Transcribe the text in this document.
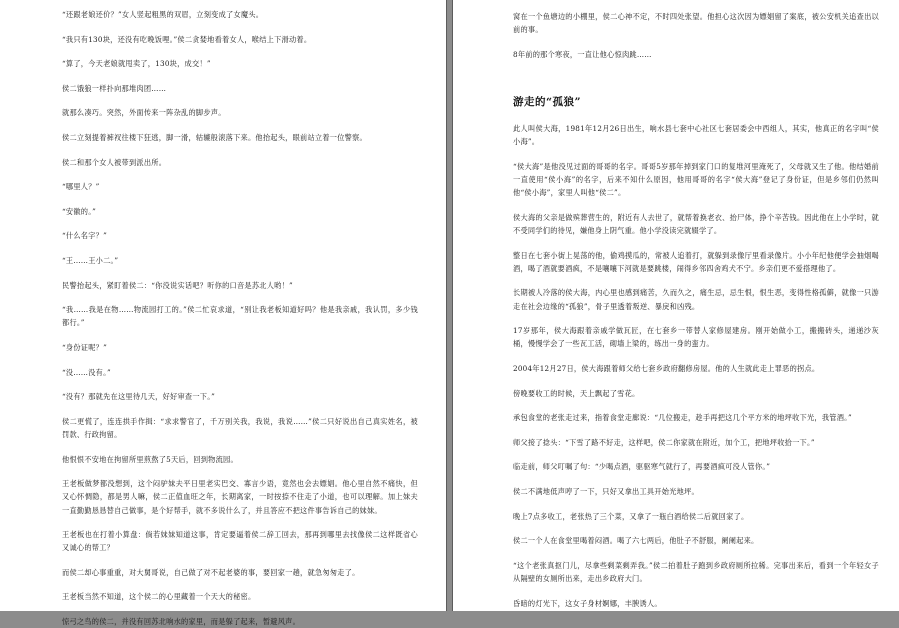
“还跟老娘还价？”女人竖起粗黑的双眉，立刻变成了女魔头。

“我只有130块，还没有吃晚饭哩。”侯二贪婪地看着女人，喉结上下滑动着。

“算了，今天老娘就甩卖了，130块，成交！”

侯二饿狼一样扑向那堆肉团……

就那么凑巧。突然，外面传来一阵杂乱的脚步声。

侯二立刻提着裤衩往楼下狂逃，脚一滑，轱辘般滚落下来。他抬起头，眼前站立着一位警察。

侯二和那个女人被带到派出所。

“哪里人？”

“安徽的。”

“什么名字？”

“王……王小二。”

民警抬起头，紧盯着侯二：“你没说实话吧？听你的口音是苏北人哟！”

“我……我是在物……物流园打工的。”侯二忙哀求道，“别让我老板知道好吗？他是我亲戚，我认罚，多少钱都行。”

“身份证呢？”

“没……没有。”

“没有？那就先在这里待几天，好好审查一下。”

侯二更慌了，连连拱手作揖：“求求警官了，千万别关我，我说，我说……”侯二只好说出自己真实姓名，被罚款、行政拘留。

他恨恨不安地在拘留所里煎熬了5天后，回到物流园。

王老板做梦都没想到，这个闷驴妹夫平日里老实巴交、寡言少语，竟然也会去嫖娼。他心里自然不痛快，但又心怀惆隐，都是男人嘛，侯二正值血旺之年，长期离家，一时按捺不住走了小道，也可以理解。加上妹夫一直勤勤恳恳替自己做事，是个好帮手，就不多说什么了，并且答应不把这件事告诉自己的妹妹。

王老板也在打着小算盘：倘若妹妹知道这事，肯定要逼着侯二辞工回去，那再到哪里去找像侯二这样既省心又诚心的帮工？

而侯二却心事重重，对大舅哥说，自己做了对不起老婆的事，要回家一趟，就急匆匆走了。

王老板当然不知道，这个侯二的心里藏着一个天大的秘密。

惊弓之鸟的侯二，并没有回苏北响水的家里，而是躲了起来，暂避风声。

窝在一个鱼塘边的小棚里，侯二心神不定，不时四处张望。他担心这次因为嫖娼留了案底，被公安机关追查出以前的事。

8年前的那个寒夜，一直让他心惊肉跳……

游走的“孤狼”

此人叫侯大海，1981年12月26日出生，响水县七套中心社区七套居委会中西组人，其实，他真正的名字叫“侯小海”。

“侯大海”是他没见过面的哥哥的名字。哥哥5岁那年掉到家门口的复堆河里淹死了，父母就又生了他。他结婚前一直使用“侯小海”的名字，后来不知什么原因，他用哥哥的名字“侯大海”登记了身份证，但是乡邻们仍然叫他“侯小海”，家里人叫他“侯二”。

侯大海的父亲是做殡葬营生的，附近有人去世了，就帮着换老衣、抬尸体，挣个辛苦钱。因此他在上小学时，就不受同学们的待见，嫌他身上阴气重。他小学没读完就辍学了。

整日在七套小街上晃荡的他，偷鸡摸瓜的，常被人追着打，就躲到录像厅里看录像片。小小年纪他便学会抽烟喝酒，喝了酒就要酒疯，不是嚷嚷下河就是要跳楼，闹得乡邻四舍鸡犬不宁。乡亲们更不爱搭理他了。

长期被人冷落的侯大海，内心里也感到痛苦，久而久之，痛生忌，忌生恨，恨生恶，变得性格孤僻，就像一只游走在社会边缘的“孤狼”，骨子里透着叛逆、暴戾和凶残。

17岁那年，侯大海跟着亲戚学做瓦匠，在七套乡一带替人家修屋建房。刚开始做小工，搬搬砖头，递递沙灰桶，慢慢学会了一些瓦工活，砌墙上梁的，练出一身的蛮力。

2004年12月27日，侯大海跟着师父给七套乡政府翻修房屋。他的人生就此走上罪恶的拐点。

傍晚要收工的时候，天上飘起了雪花。

承包食堂的老张走过来，指着食堂走廊说：“几位搬走，趁手再把这几个平方米的地坪收下光，我管酒。”

师父接了捻头：“下雪了路不好走，这样吧，侯二你家就在附近，加个工，把地坪收拾一下。”

临走前，师父叮嘱了句：“少喝点酒，驱驱寒气就行了，再要酒疯可没人管你。”

侯二不满地低声哼了一下，只好又拿出工具开始光地坪。

晚上7点多收工，老张热了三个菜，又拿了一瓶白酒给侯二后就回家了。

侯二一个人在食堂里喝着闷酒。喝了六七两后，他肚子不舒服，阑阑起来。

“这个老张真抠门儿，尽拿些剩菜剩弄我。”侯二拍着肚子跑到乡政府厕所拉稀。完事出来后，看到一个年轻女子从隔壁的女厕所出来，走出乡政府大门。

昏暗的灯光下，这女子身材婀娜，丰腴诱人。
